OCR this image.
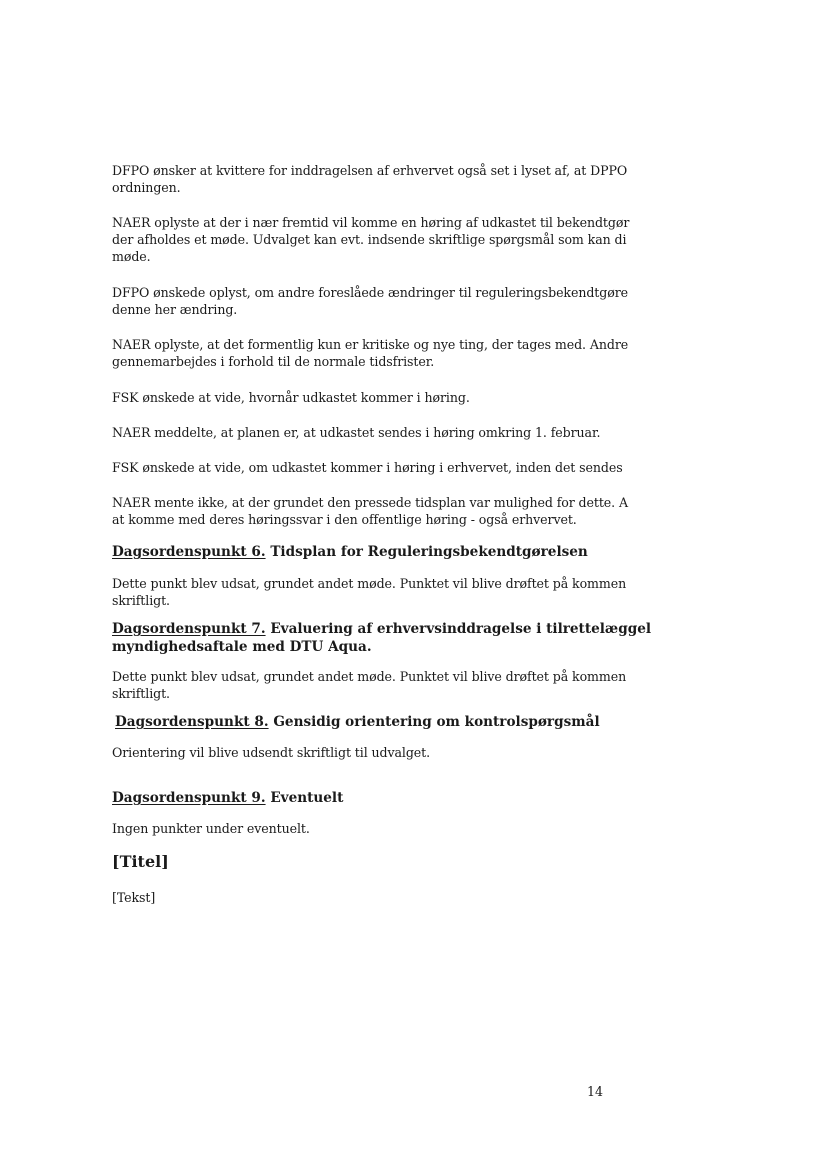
DFPO ønsker at kvittere for inddragelsen af erhvervet også set i lyset af, at DPPO
ordningen.
NAER oplyste at der i nær fremtid vil komme en høring af udkastet til bekendtgør
der afholdes et møde. Udvalget kan evt. indsende skriftlige spørgsmål som kan di
møde.
DFPO ønskede oplyst, om andre foreslåede ændringer til reguleringsbekendtgøre
denne her ændring.
NAER oplyste, at det formentlig kun er kritiske og nye ting, der tages med. Andre
gennemarbejdes i forhold til de normale tidsfrister.
FSK ønskede at vide, hvornår udkastet kommer i høring.
NAER meddelte, at planen er, at udkastet sendes i høring omkring 1. februar.
FSK ønskede at vide, om udkastet kommer i høring i erhvervet, inden det sendes
NAER mente ikke, at der grundet den pressede tidsplan var mulighed for dette. A
at komme med deres høringssvar i den offentlige høring - også erhvervet.
Dagsordenspunkt 6. Tidsplan for Reguleringsbekendtgørelsen
Dette punkt blev udsat, grundet andet møde. Punktet vil blive drøftet på kommen
skriftligt.
Dagsordenspunkt 7. Evaluering af erhvervsinddragelse i tilrettelæggel
myndighedsaftale med DTU Aqua.
Dette punkt blev udsat, grundet andet møde. Punktet vil blive drøftet på kommen
skriftligt.
Dagsordenspunkt 8. Gensidig orientering om kontrolspørgsmål
Orientering vil blive udsendt skriftligt til udvalget.
Dagsordenspunkt 9. Eventuelt
Ingen punkter under eventuelt.
[Titel]
[Tekst]
14
